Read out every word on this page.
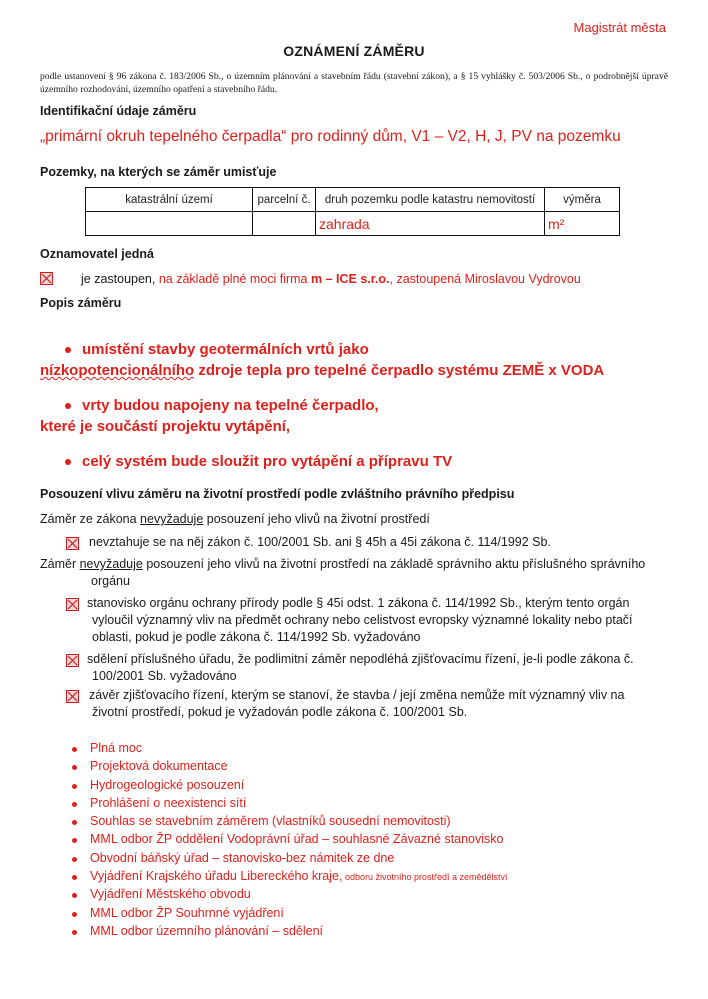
Magistrát města
OZNÁMENÍ ZÁMĚRU
podle ustanovení § 96 zákona č. 183/2006 Sb., o územním plánování a stavebním řádu (stavební zákon), a § 15 vyhlášky č. 503/2006 Sb., o podrobnější úpravě územního rozhodování, územního opatření a stavebního řádu.
Identifikační údaje záměru
„primární okruh tepelného čerpadla“ pro rodinný dům, V1 – V2, H, J, PV na pozemku
Pozemky, na kterých se záměr umisťuje
katastrální území	parcelní č.	druh pozemku podle katastru nemovitostí	výměra
		zahrada	m²
Oznamovatel jedná
je zastoupen, na základě plné moci firma m – ICE s.r.o., zastoupená Miroslavou Vydrovou
Popis záměru
umístění stavby geotermálních vrtů jako
nízkopotencionálního zdroje tepla pro tepelné čerpadlo systému ZEMĚ x VODA
vrty budou napojeny na tepelné čerpadlo,
které je součástí projektu vytápění,
celý systém bude sloužit pro vytápění a přípravu TV
Posouzení vlivu záměru na životní prostředí podle zvláštního právního předpisu
Záměr ze zákona nevyžaduje posouzení jeho vlivů na životní prostředí
nevztahuje se na něj zákon č. 100/2001 Sb. ani § 45h a 45i zákona č. 114/1992 Sb.
Záměr nevyžaduje posouzení jeho vlivů na životní prostředí na základě správního aktu příslušného správního
orgánu
stanovisko orgánu ochrany přírody podle § 45i odst. 1 zákona č. 114/1992 Sb., kterým tento orgán
vyloučil významný vliv na předmět ochrany nebo celistvost evropsky významné lokality nebo ptačí
oblasti, pokud je podle zákona č. 114/1992 Sb. vyžadováno
sdělení příslušného úřadu, že podlimitní záměr nepodléhá zjišťovacímu řízení, je-li podle zákona č.
100/2001 Sb. vyžadováno
závěr zjišťovacího řízení, kterým se stanoví, že stavba / její změna nemůže mít významný vliv na
životní prostředí, pokud je vyžadován podle zákona č. 100/2001 Sb.
Plná moc
Projektová dokumentace
Hydrogeologické posouzení
Prohlášení o neexistenci sítí
Souhlas se stavebním záměrem (vlastníků sousední nemovitosti)
MML odbor ŽP oddělení Vodoprávní úřad – souhlasné Závazné stanovisko
Obvodní báňský úřad – stanovisko-bez námitek ze dne
Vyjádření Krajského úřadu Libereckého kraje, odboru životního prostředí a zemědělství
Vyjádření Městského obvodu
MML odbor ŽP Souhrnné vyjádření
MML odbor územního plánování – sdělení
